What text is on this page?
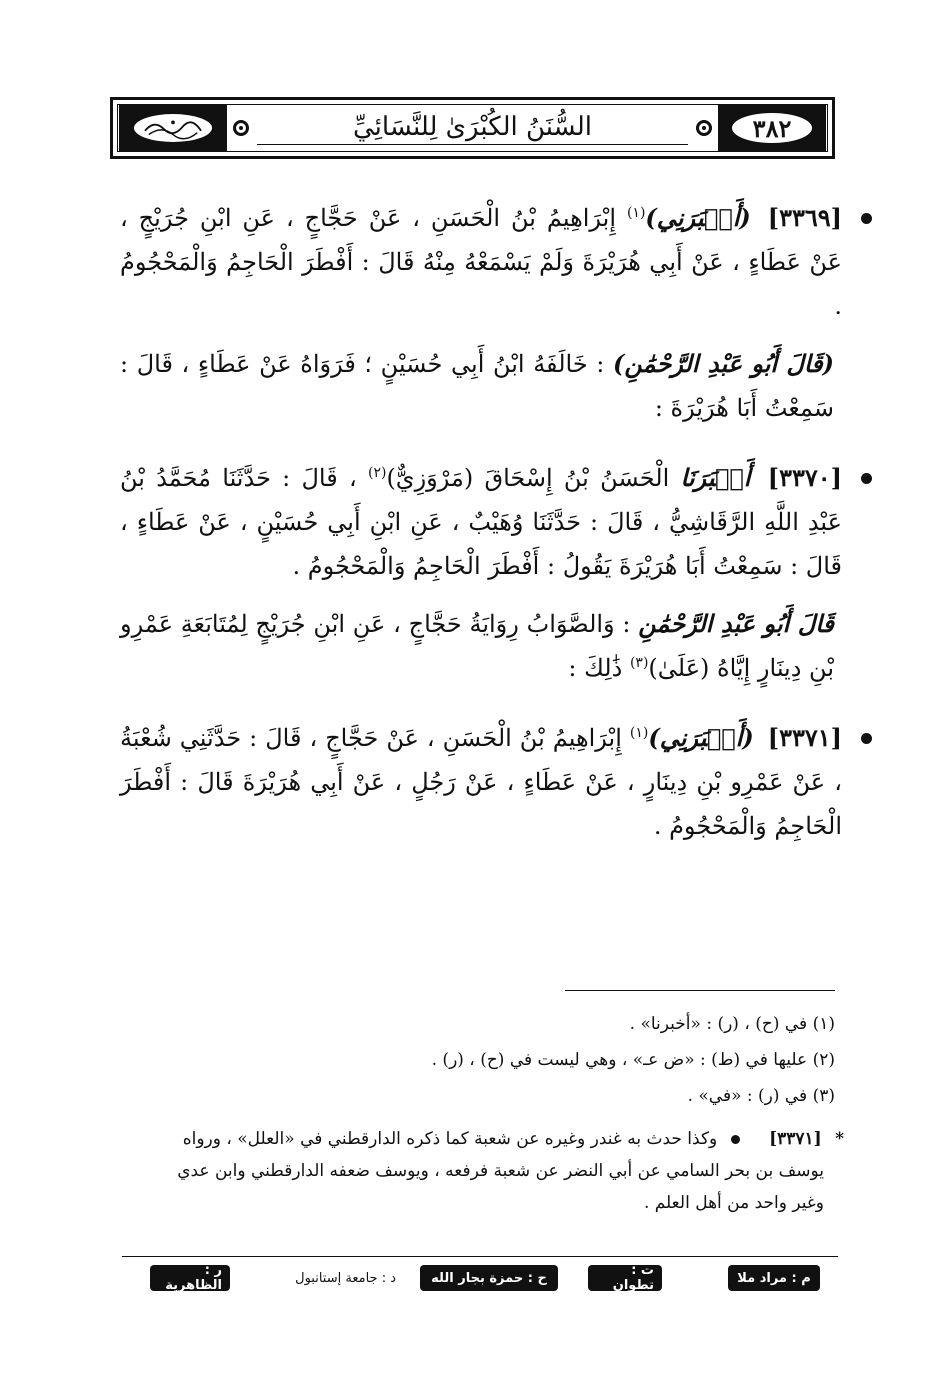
٣٨٢
السُّنَنُ الكُبْرَىٰ لِلنَّسَائِيِّ
[٣٣٦٩] (أَخۡبَرَنِي)$^{(١)}$ إِبْرَاهِيمُ بْنُ الْحَسَنِ ، عَنْ حَجَّاجٍ ، عَنِ ابْنِ جُرَيْجٍ ، عَنْ عَطَاءٍ ، عَنْ أَبِي هُرَيْرَةَ وَلَمْ يَسْمَعْهُ مِنْهُ قَالَ : أَفْطَرَ الْحَاجِمُ وَالْمَحْجُومُ .
(قَالَ أَبُو عَبْدِ الرَّحْمَٰنِ) : خَالَفَهُ ابْنُ أَبِي حُسَيْنٍ ؛ فَرَوَاهُ عَنْ عَطَاءٍ ، قَالَ : سَمِعْتُ أَبَا هُرَيْرَةَ :
[٣٣٧٠] أَخۡبَرَنَا الْحَسَنُ بْنُ إِسْحَاقَ (مَرْوَزِيٌّ)$^{(٢)}$ ، قَالَ : حَدَّثَنَا مُحَمَّدُ بْنُ عَبْدِ اللَّهِ الرَّقَاشِيُّ ، قَالَ : حَدَّثَنَا وُهَيْبٌ ، عَنِ ابْنِ أَبِي حُسَيْنٍ ، عَنْ عَطَاءٍ ، قَالَ : سَمِعْتُ أَبَا هُرَيْرَةَ يَقُولُ : أَفْطَرَ الْحَاجِمُ وَالْمَحْجُومُ .
قَالَ أَبُو عَبْدِ الرَّحْمَٰنِ : وَالصَّوَابُ رِوَايَةُ حَجَّاجٍ ، عَنِ ابْنِ جُرَيْجٍ لِمُتَابَعَةِ عَمْرِو بْنِ دِينَارٍ إِيَّاهُ (عَلَىٰ)$^{(٣)}$ ذَٰلِكَ :
[٣٣٧١] (أَخۡبَرَنِي)$^{(١)}$ إِبْرَاهِيمُ بْنُ الْحَسَنِ ، عَنْ حَجَّاجٍ ، قَالَ : حَدَّثَنِي شُعْبَةُ ، عَنْ عَمْرِو بْنِ دِينَارٍ ، عَنْ عَطَاءٍ ، عَنْ رَجُلٍ ، عَنْ أَبِي هُرَيْرَةَ قَالَ : أَفْطَرَ الْحَاجِمُ وَالْمَحْجُومُ .
(١) في (ح) ، (ر) : «أخبرنا» .
(٢) عليها في (ط) : «ض عـ» ، وهي ليست في (ح) ، (ر) .
(٣) في (ر) : «في» .
* [٣٣٧١]  وكذا حدث به غندر وغيره عن شعبة كما ذكره الدارقطني في «العلل» ، ورواه
يوسف بن بحر السامي عن أبي النضر عن شعبة فرفعه ، ويوسف ضعفه الدارقطني وابن عدي
وغير واحد من أهل العلم .
م : مراد ملا
ت : تطوان
ح : حمزة بجار الله
د : جامعة إستانبول
ر : الظاهرية
